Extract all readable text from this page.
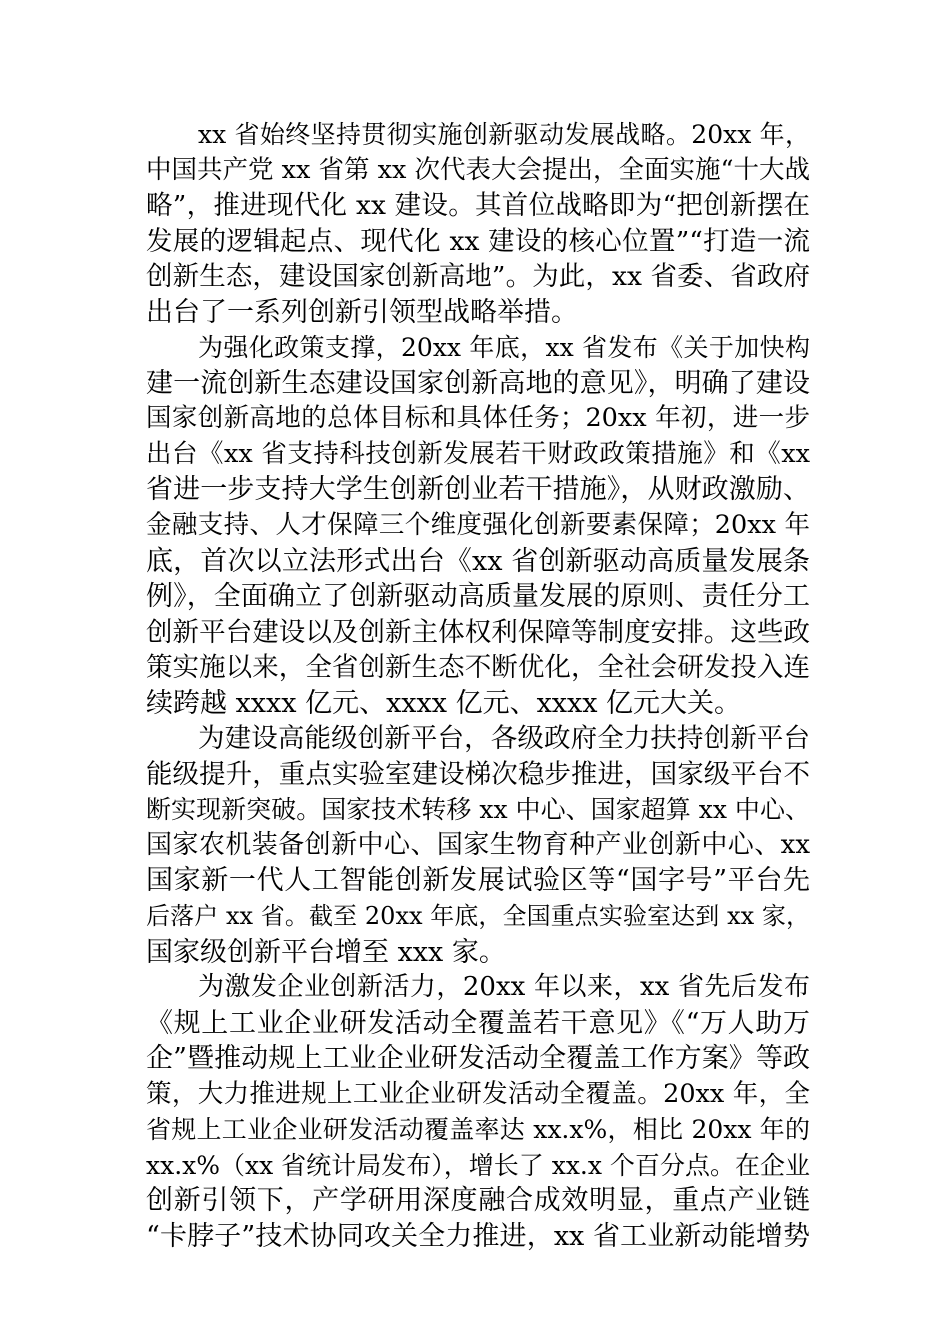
xx 省始终坚持贯彻实施创新驱动发展战略。20xx 年，
中国共产党 xx 省第 xx 次代表大会提出，全面实施“十大战
略”，推进现代化 xx 建设。其首位战略即为“把创新摆在
发展的逻辑起点、现代化 xx 建设的核心位置”“打造一流
创新生态，建设国家创新高地”。为此，xx 省委、省政府
出台了一系列创新引领型战略举措。
为强化政策支撑，20xx 年底，xx 省发布《关于加快构
建一流创新生态建设国家创新高地的意见》，明确了建设
国家创新高地的总体目标和具体任务；20xx 年初，进一步
出台《xx 省支持科技创新发展若干财政政策措施》和《xx
省进一步支持大学生创新创业若干措施》，从财政激励、
金融支持、人才保障三个维度强化创新要素保障；20xx 年
底，首次以立法形式出台《xx 省创新驱动高质量发展条
例》，全面确立了创新驱动高质量发展的原则、责任分工
创新平台建设以及创新主体权利保障等制度安排。这些政
策实施以来，全省创新生态不断优化，全社会研发投入连
续跨越 xxxx 亿元、xxxx 亿元、xxxx 亿元大关。
为建设高能级创新平台，各级政府全力扶持创新平台
能级提升，重点实验室建设梯次稳步推进，国家级平台不
断实现新突破。国家技术转移 xx 中心、国家超算 xx 中心、
国家农机装备创新中心、国家生物育种产业创新中心、xx
国家新一代人工智能创新发展试验区等“国字号”平台先
后落户 xx 省。截至 20xx 年底，全国重点实验室达到 xx 家，
国家级创新平台增至 xxx 家。
为激发企业创新活力，20xx 年以来，xx 省先后发布
《规上工业企业研发活动全覆盖若干意见》《“万人助万
企”暨推动规上工业企业研发活动全覆盖工作方案》等政
策，大力推进规上工业企业研发活动全覆盖。20xx 年，全
省规上工业企业研发活动覆盖率达 xx.x%，相比 20xx 年的
xx.x%（xx 省统计局发布），增长了 xx.x 个百分点。在企业
创新引领下，产学研用深度融合成效明显，重点产业链
“卡脖子”技术协同攻关全力推进，xx 省工业新动能增势
